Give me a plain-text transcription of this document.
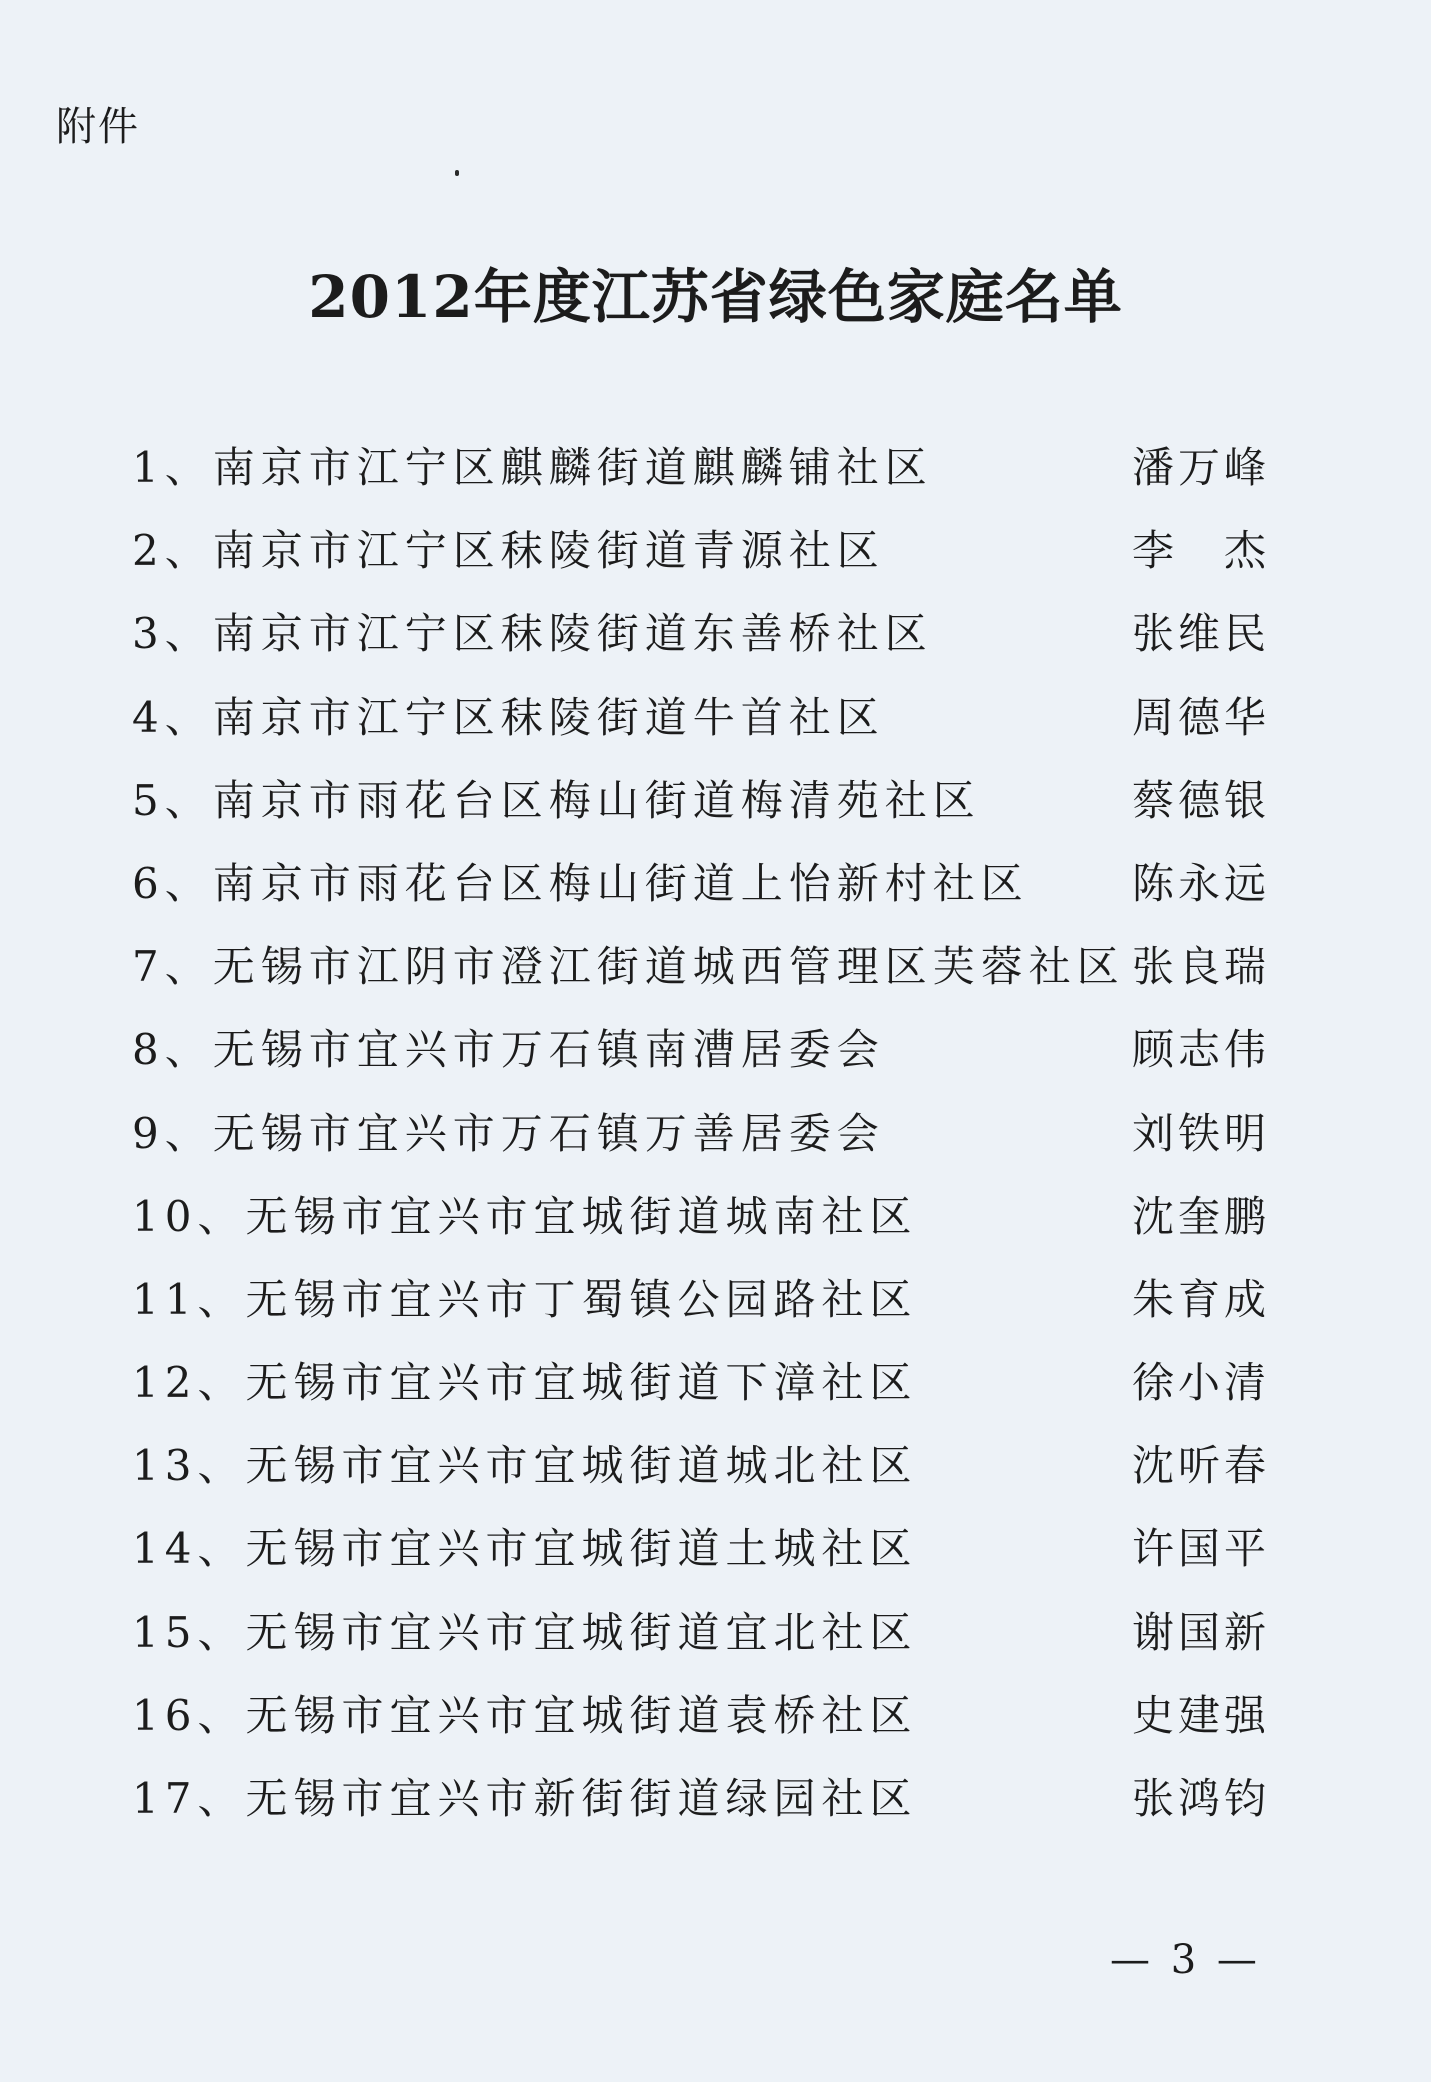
附件
2012年度江苏省绿色家庭名单
1、南京市江宁区麒麟街道麒麟铺社区	潘万峰
2、南京市江宁区秣陵街道青源社区	李　杰
3、南京市江宁区秣陵街道东善桥社区	张维民
4、南京市江宁区秣陵街道牛首社区	周德华
5、南京市雨花台区梅山街道梅清苑社区	蔡德银
6、南京市雨花台区梅山街道上怡新村社区 陈永远
7、无锡市江阴市澄江街道城西管理区芙蓉社区 张良瑞
8、无锡市宜兴市万石镇南漕居委会	顾志伟
9、无锡市宜兴市万石镇万善居委会	刘铁明
10、无锡市宜兴市宜城街道城南社区	沈奎鹏
11、无锡市宜兴市丁蜀镇公园路社区	朱育成
12、无锡市宜兴市宜城街道下漳社区	徐小清
13、无锡市宜兴市宜城街道城北社区	沈听春
14、无锡市宜兴市宜城街道土城社区	许国平
15、无锡市宜兴市宜城街道宜北社区	谢国新
16、无锡市宜兴市宜城街道袁桥社区	史建强
17、无锡市宜兴市新街街道绿园社区	张鸿钧
— 3 —
